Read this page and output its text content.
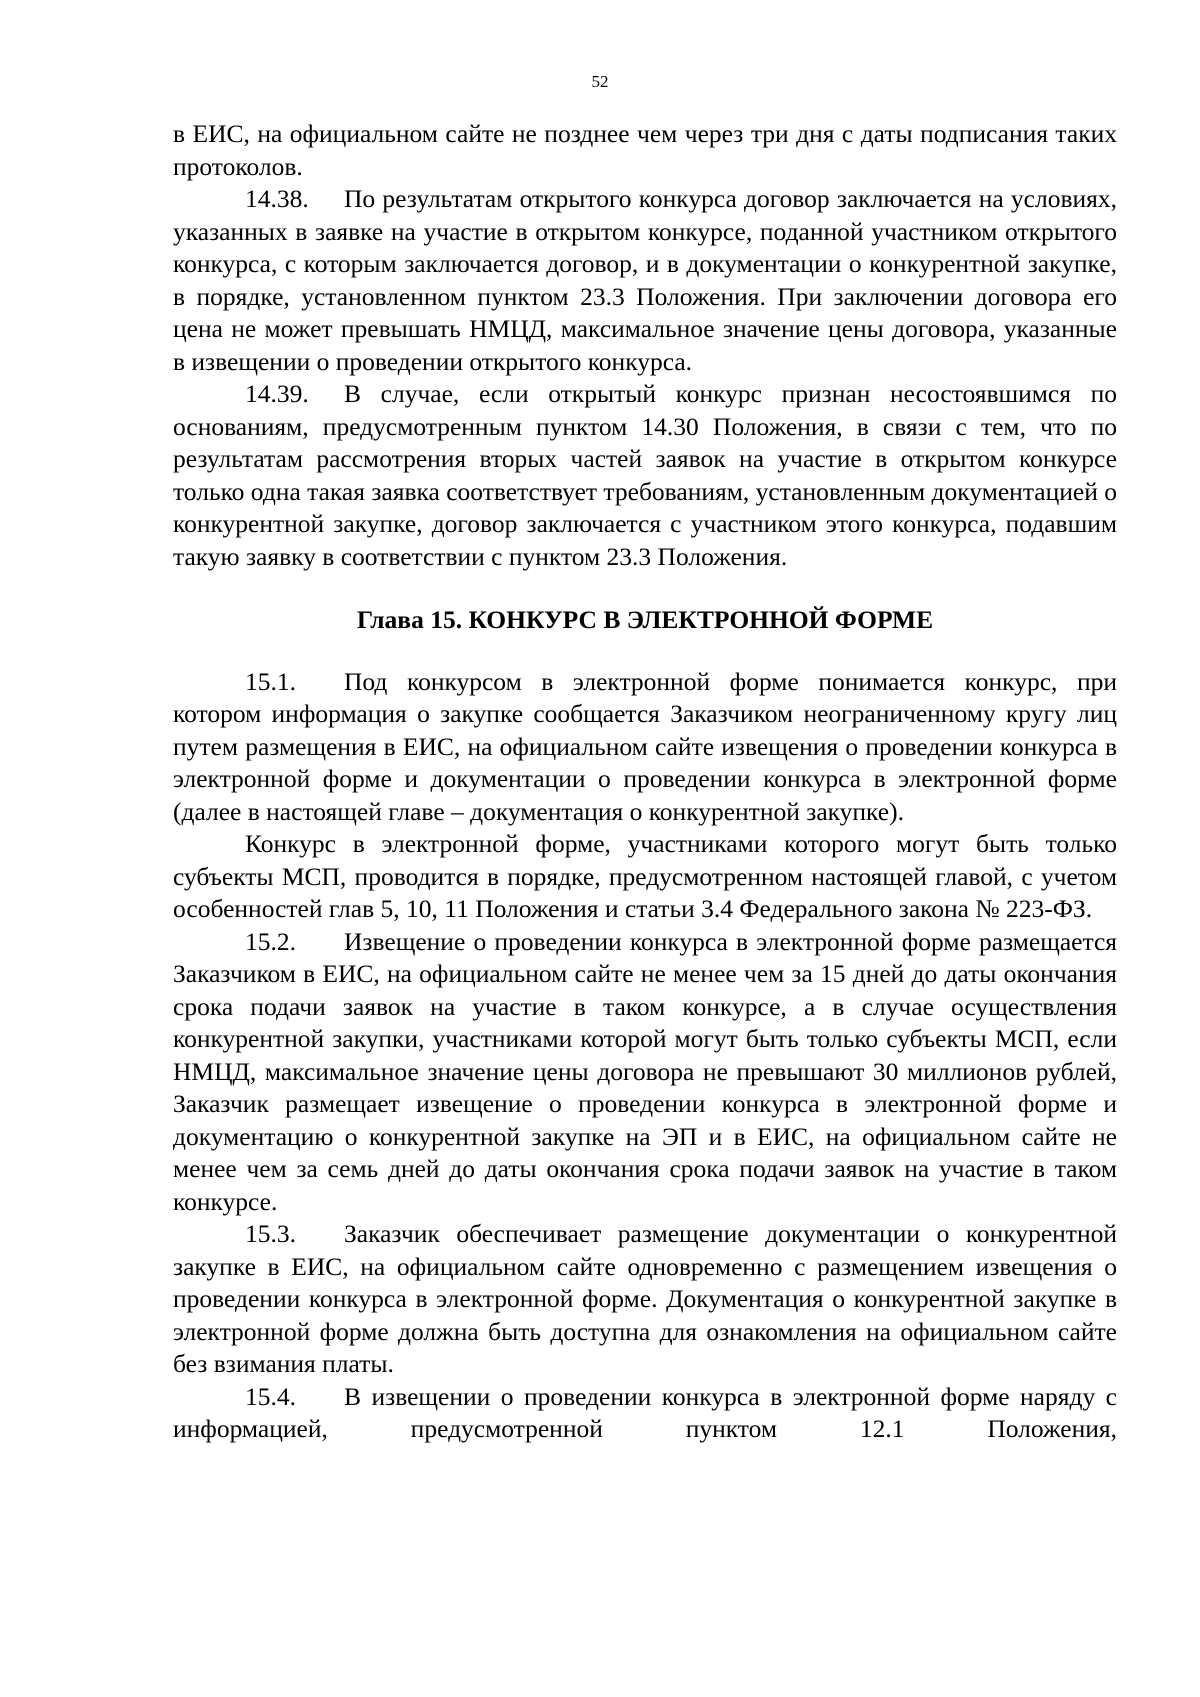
52

в ЕИС, на официальном сайте не позднее чем через три дня с даты подписания таких протоколов.

14.38. По результатам открытого конкурса договор заключается на условиях, указанных в заявке на участие в открытом конкурсе, поданной участником открытого конкурса, с которым заключается договор, и в документации о конкурентной закупке, в порядке, установленном пунктом 23.3 Положения. При заключении договора его цена не может превышать НМЦД, максимальное значение цены договора, указанные в извещении о проведении открытого конкурса.

14.39. В случае, если открытый конкурс признан несостоявшимся по основаниям, предусмотренным пунктом 14.30 Положения, в связи с тем, что по результатам рассмотрения вторых частей заявок на участие в открытом конкурсе только одна такая заявка соответствует требованиям, установленным документацией о конкурентной закупке, договор заключается с участником этого конкурса, подавшим такую заявку в соответствии с пунктом 23.3 Положения.

Глава 15. КОНКУРС В ЭЛЕКТРОННОЙ ФОРМЕ

15.1. Под конкурсом в электронной форме понимается конкурс, при котором информация о закупке сообщается Заказчиком неограниченному кругу лиц путем размещения в ЕИС, на официальном сайте извещения о проведении конкурса в электронной форме и документации о проведении конкурса в электронной форме (далее в настоящей главе – документация о конкурентной закупке).

Конкурс в электронной форме, участниками которого могут быть только субъекты МСП, проводится в порядке, предусмотренном настоящей главой, с учетом особенностей глав 5, 10, 11 Положения и статьи 3.4 Федерального закона № 223-ФЗ.

15.2. Извещение о проведении конкурса в электронной форме размещается Заказчиком в ЕИС, на официальном сайте не менее чем за 15 дней до даты окончания срока подачи заявок на участие в таком конкурсе, а в случае осуществления конкурентной закупки, участниками которой могут быть только субъекты МСП, если НМЦД, максимальное значение цены договора не превышают 30 миллионов рублей, Заказчик размещает извещение о проведении конкурса в электронной форме и документацию о конкурентной закупке на ЭП и в ЕИС, на официальном сайте не менее чем за семь дней до даты окончания срока подачи заявок на участие в таком конкурсе.

15.3. Заказчик обеспечивает размещение документации о конкурентной закупке в ЕИС, на официальном сайте одновременно с размещением извещения о проведении конкурса в электронной форме. Документация о конкурентной закупке в электронной форме должна быть доступна для ознакомления на официальном сайте без взимания платы.

15.4. В извещении о проведении конкурса в электронной форме наряду с информацией, предусмотренной пунктом 12.1 Положения,
